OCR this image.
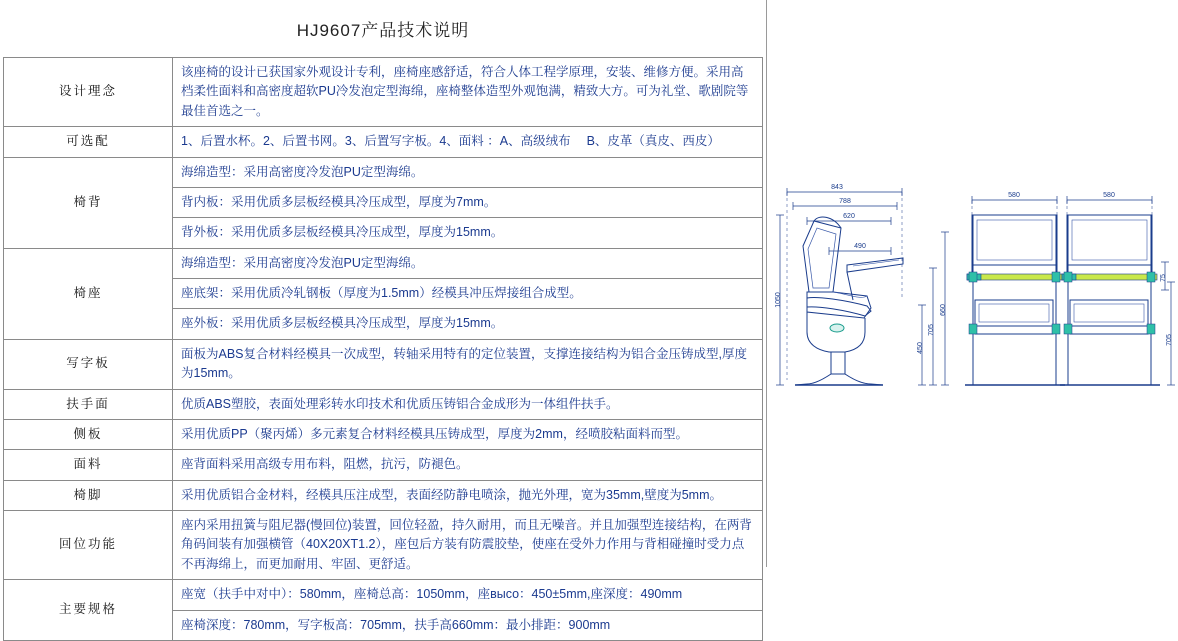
HJ9607产品技术说明
设计理念	该座椅的设计已获国家外观设计专利，座椅座感舒适，符合人体工程学原理，安装、维修方便。采用高档柔性面料和高密度超软PU冷发泡定型海绵，座椅整体造型外观饱满，精致大方。可为礼堂、歌剧院等最佳首选之一。
可选配	1、后置水杯。2、后置书网。3、后置写字板。4、面料 ：A、高级绒布 　B、皮革（真皮、西皮）
椅背	海绵造型：采用高密度冷发泡PU定型海绵。
	背内板：采用优质多层板经模具冷压成型，厚度为7mm。
	背外板：采用优质多层板经模具冷压成型，厚度为15mm。
椅座	海绵造型：采用高密度冷发泡PU定型海绵。
	座底架：采用优质冷轧钢板（厚度为1.5mm）经模具冲压焊接组合成型。
	座外板：采用优质多层板经模具冷压成型，厚度为15mm。
写字板	面板为ABS复合材料经模具一次成型，转轴采用特有的定位装置，支撑连接结构为铝合金压铸成型,厚度为15mm。
扶手面	优质ABS塑胶，表面处理彩转水印技术和优质压铸铝合金成形为一体组件扶手。
侧板	采用优质PP（聚丙烯）多元素复合材料经模具压铸成型，厚度为2mm，经喷胶粘面料而型。
面料	座背面料采用高级专用布料，阻燃，抗污，防褪色。
椅脚	采用优质铝合金材料，经模具压注成型，表面经防静电喷涂，抛光外理，宽为35mm,壁度为5mm。
回位功能	座内采用扭簧与阻尼器(慢回位)装置，回位轻盈，持久耐用，而且无噪音。并且加强型连接结构，在两背角码间装有加强横管（40X20XT1.2），座包后方装有防震胶垫，使座在受外力作用与背相碰撞时受力点不再海绵上，而更加耐用、牢固、更舒适。
主要规格	座宽（扶手中对中）：580mm，座椅总高：1050mm，座высо：450±5mm,座深度：490mm
	座椅深度：780mm，写字板高：705mm，扶手高660mm：最小排距：900mm
843
788
620
490
1050
660
450
705
580	580
75
705
